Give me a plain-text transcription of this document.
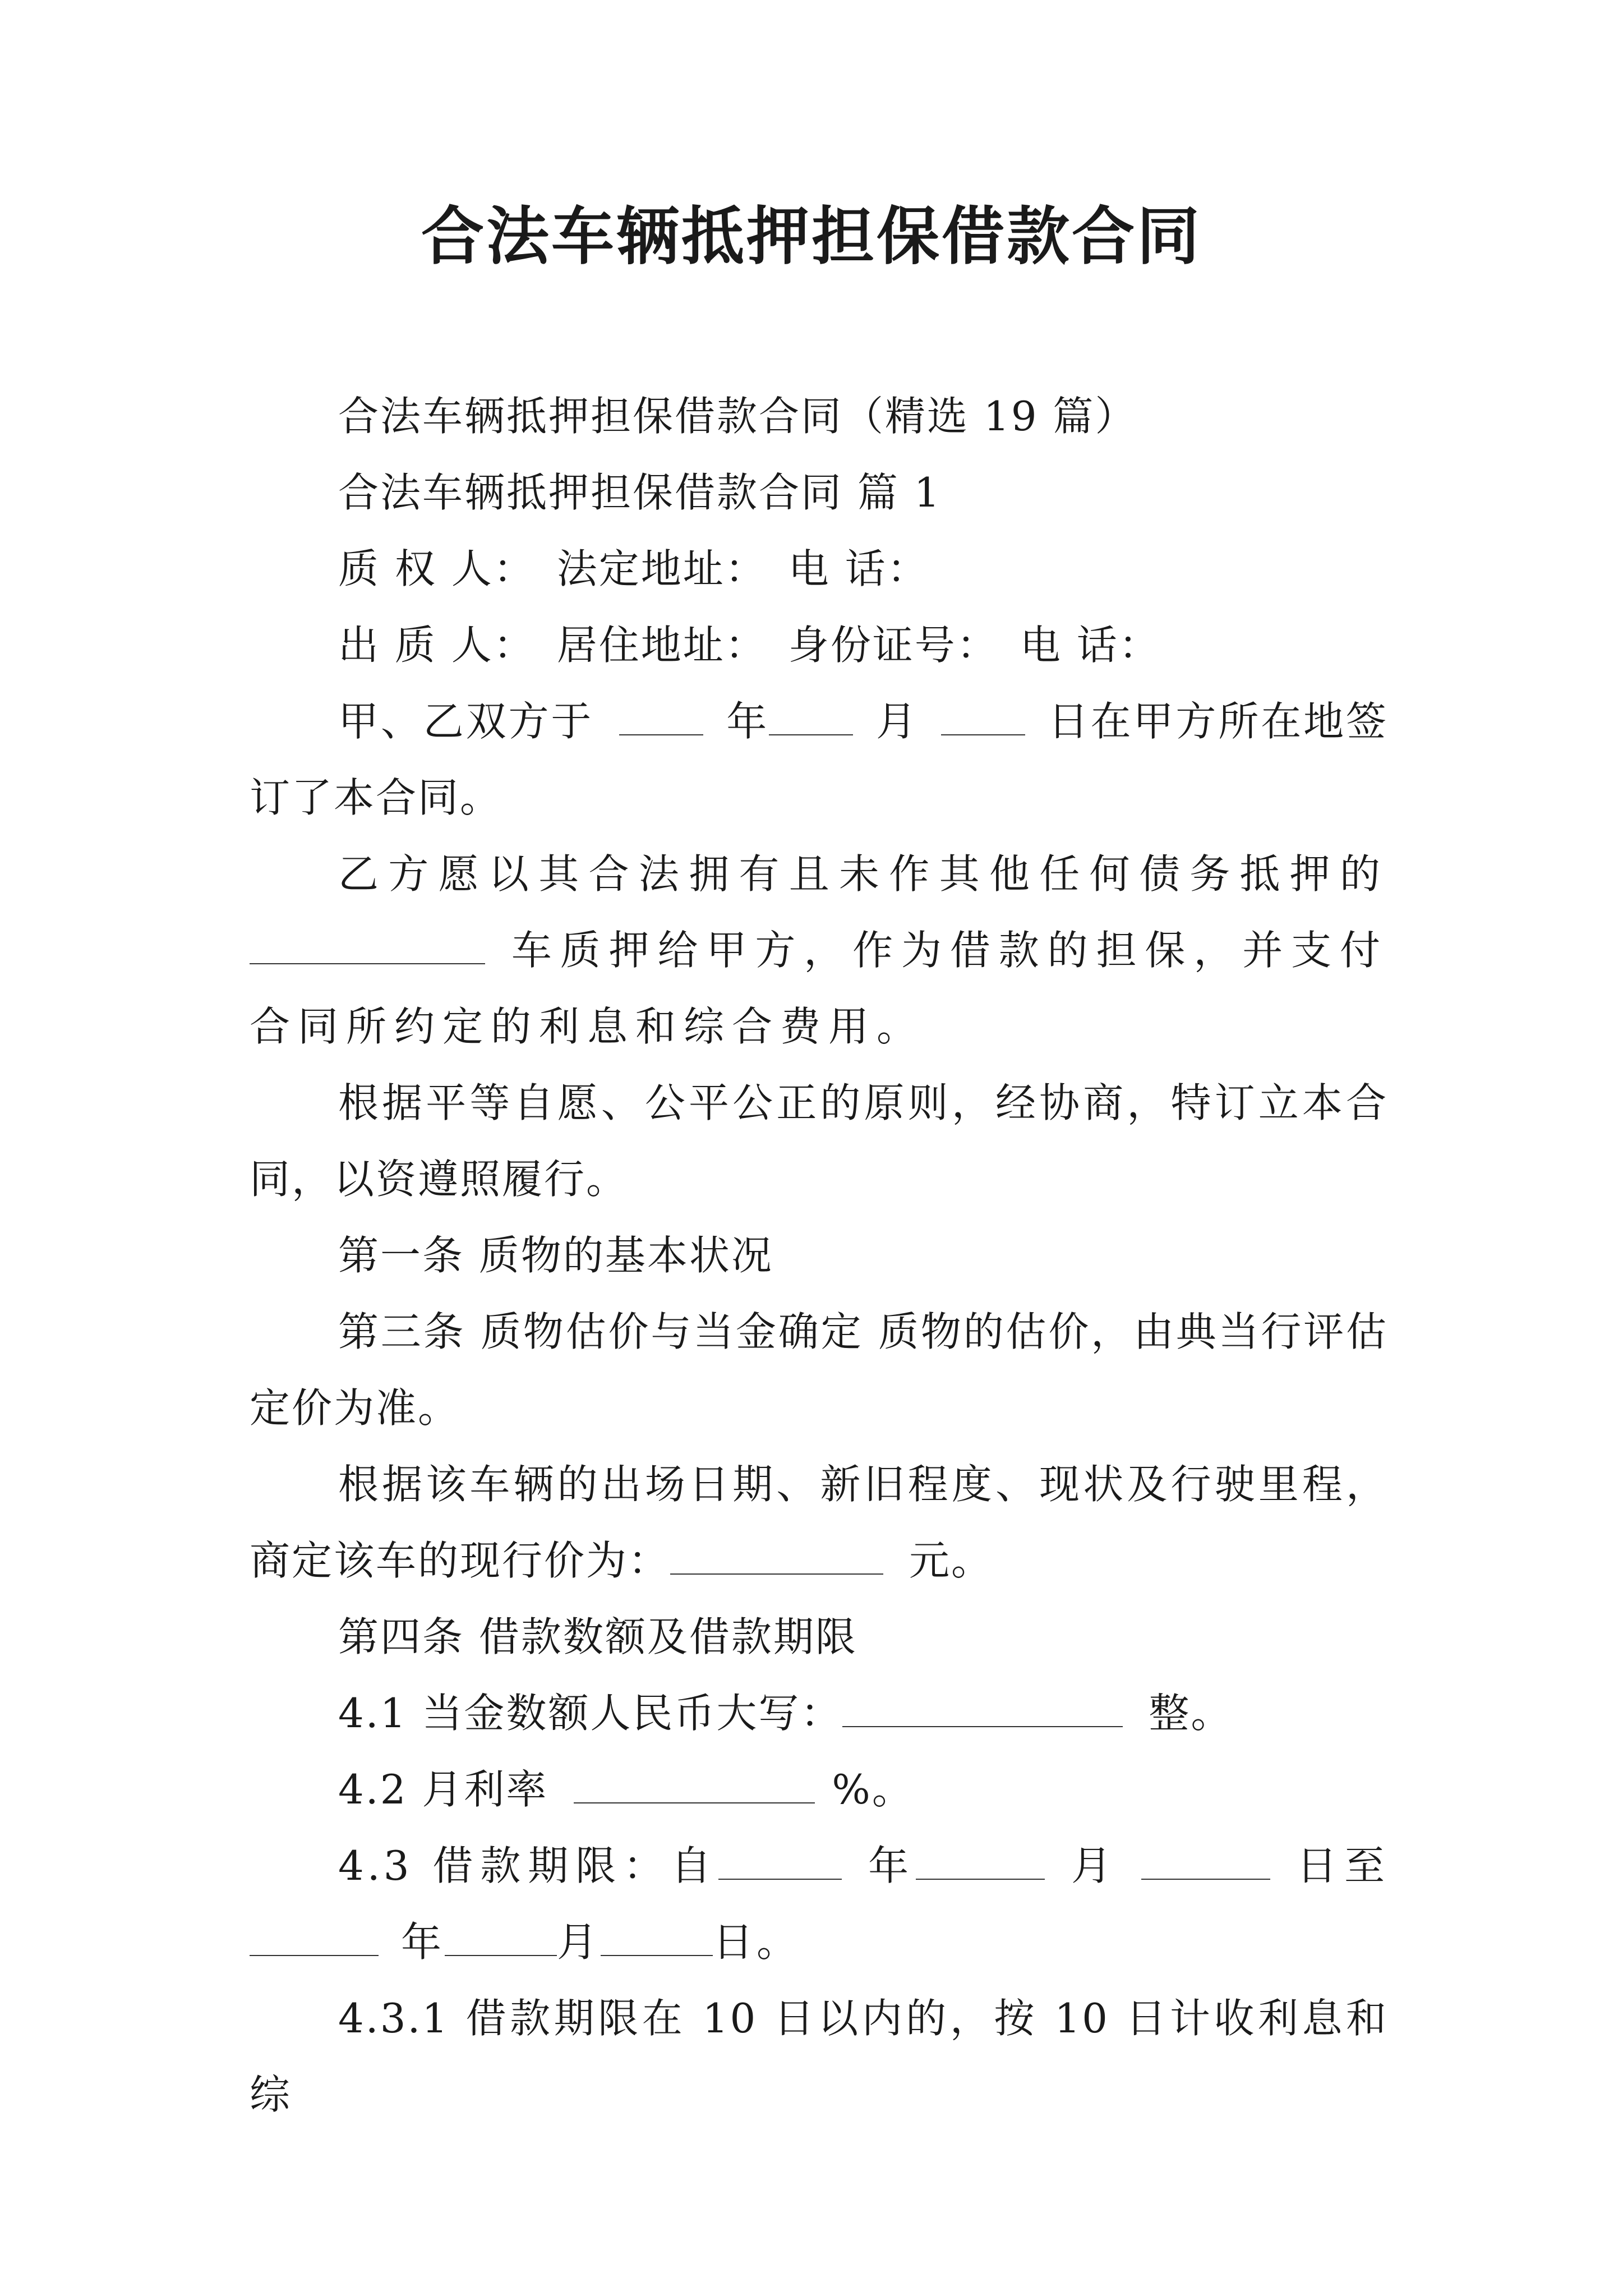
合法车辆抵押担保借款合同

合法车辆抵押担保借款合同（精选 19 篇）

合法车辆抵押担保借款合同 篇 1

质 权 人： 法定地址： 电 话：

出 质 人： 居住地址： 身份证号： 电 话：

甲、乙双方于	年	月	日在甲方所在地签订了本合同。

乙方愿以其合法拥有且未作其他任何债务抵押的车质押给甲方，作为借款的担保，并支付合同所约定的利息和综合费用。

根据平等自愿、公平公正的原则，经协商，特订立本合同，以资遵照履行。

第一条 质物的基本状况

第三条 质物估价与当金确定 质物的估价，由典当行评估定价为准。

根据该车辆的出场日期、新旧程度、现状及行驶里程，商定该车的现行价为：	元。

第四条 借款数额及借款期限

4.1 当金数额人民币大写：	整。

4.2 月利率	%。

4.3 借款期限：自	年	月	日至年	月	日。

4.3.1 借款期限在 10 日以内的，按 10 日计收利息和综
